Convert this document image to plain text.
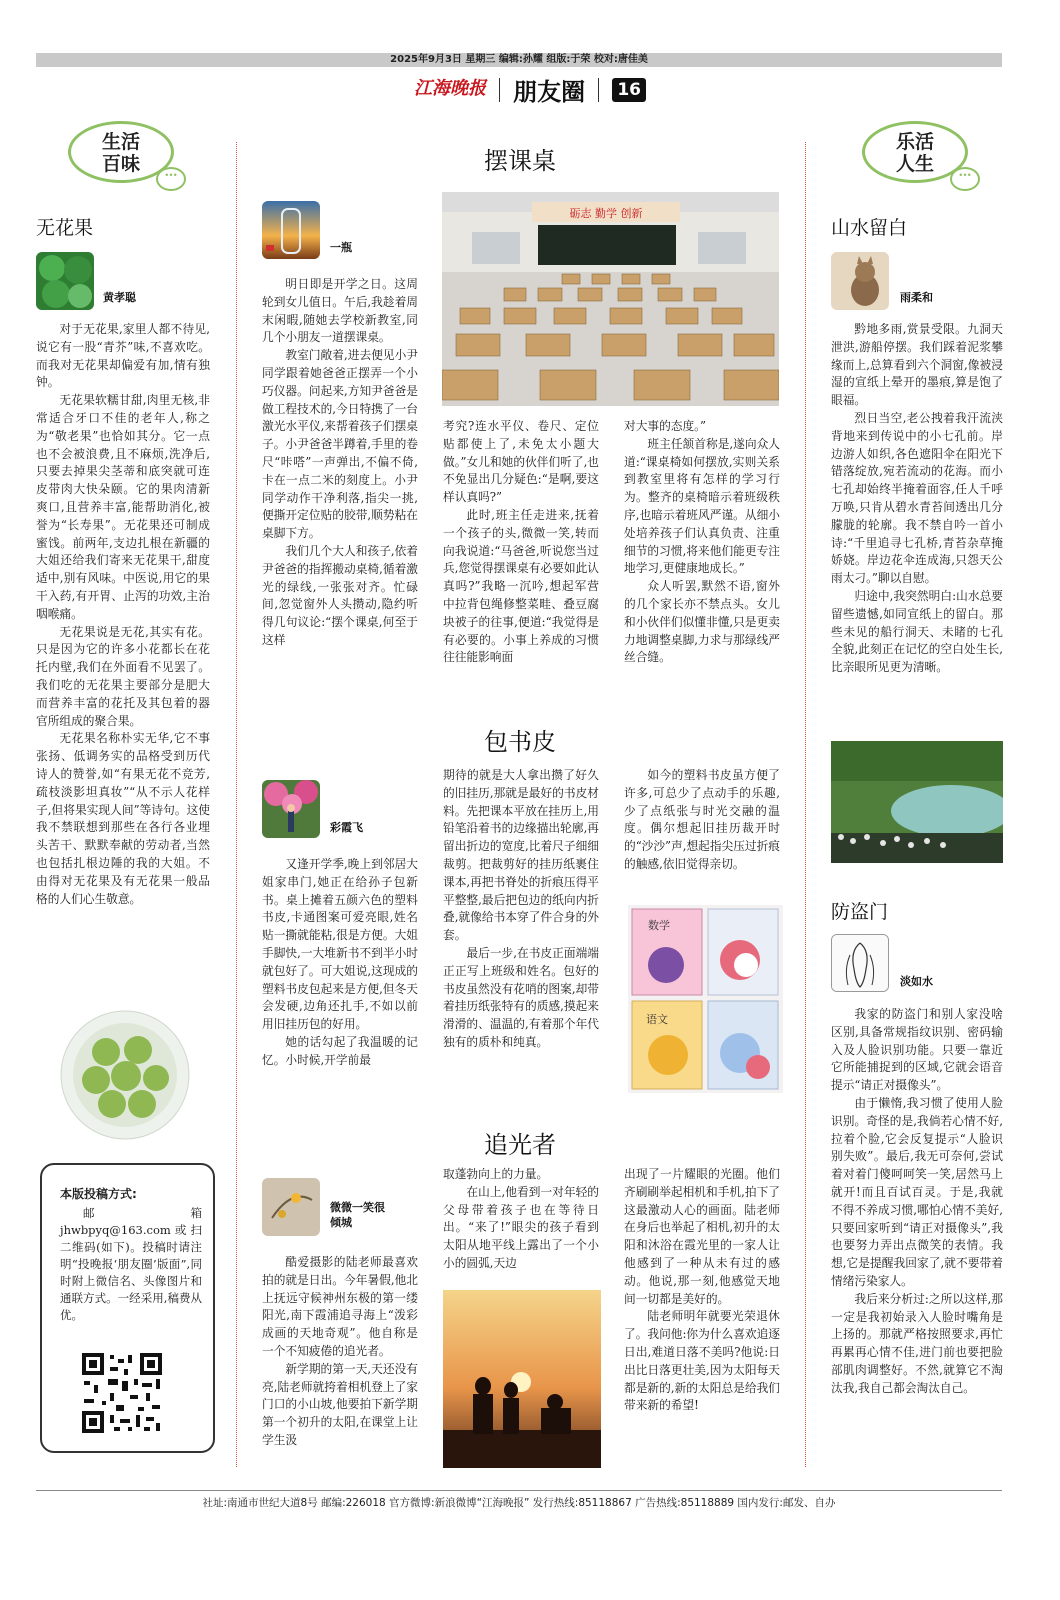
2025年9月3日 星期三 编辑:孙耀 组版:于荣 校对:唐佳美
江海晚报 朋友圈 16
生活
百味	…
无花果
黄孝聪

对于无花果,家里人都不待见,说它有一股“青芥”味,不喜欢吃。而我对无花果却偏爱有加,情有独钟。

无花果软糯甘甜,肉里无核,非常适合牙口不佳的老年人,称之为“敬老果”也恰如其分。它一点也不会被浪费,且不麻烦,洗净后,只要去掉果尖茎蒂和底突就可连皮带肉大快朵颐。它的果肉清新爽口,且营养丰富,能帮助消化,被誉为“长寿果”。无花果还可制成蜜饯。前两年,支边扎根在新疆的大姐还给我们寄来无花果干,甜度适中,别有风味。中医说,用它的果干入药,有开胃、止泻的功效,主治咽喉痛。

无花果说是无花,其实有花。只是因为它的许多小花都长在花托内壁,我们在外面看不见罢了。我们吃的无花果主要部分是肥大而营养丰富的花托及其包着的器官所组成的聚合果。

无花果名称朴实无华,它不事张扬、低调务实的品格受到历代诗人的赞誉,如“有果无花不竞芳,疏枝淡影坦真妆”“从不示人花样子,但将果实现人间”等诗句。这使我不禁联想到那些在各行各业埋头苦干、默默奉献的劳动者,当然也包括扎根边陲的我的大姐。不由得对无花果及有无花果一般品格的人们心生敬意。

本版投稿方式:

邮箱jhwbpyq@163.com或扫二维码(如下)。投稿时请注明“投晚报‘朋友圈’版面”,同时附上微信名、头像图片和通联方式。一经采用,稿费从优。

摆课桌
一瓶
砺志 勤学 创新

明日即是开学之日。这周轮到女儿值日。午后,我趁着周末闲暇,随她去学校新教室,同几个小朋友一道摆课桌。

教室门敞着,进去便见小尹同学跟着她爸爸正摆弄一个小巧仪器。问起来,方知尹爸爸是做工程技术的,今日特携了一台激光水平仪,来帮着孩子们摆桌子。小尹爸爸半蹲着,手里的卷尺“咔嗒”一声弹出,不偏不倚,卡在一点二米的刻度上。小尹同学动作干净利落,指尖一挑,便撕开定位贴的胶带,顺势粘在桌脚下方。

我们几个大人和孩子,依着尹爸爸的指挥搬动桌椅,循着激光的绿线,一张张对齐。忙碌间,忽觉窗外人头攒动,隐约听得几句议论:“摆个课桌,何至于这样

考究?连水平仪、卷尺、定位贴都使上了,未免太小题大做。”女儿和她的伙伴们听了,也不免显出几分疑色:“是啊,要这样认真吗?”

此时,班主任走进来,抚着一个孩子的头,微微一笑,转而向我说道:“马爸爸,听说您当过兵,您觉得摆课桌有必要如此认真吗?”我略一沉吟,想起军营中拉背包绳修整菜畦、叠豆腐块被子的往事,便道:“我觉得是有必要的。小事上养成的习惯往往能影响面

对大事的态度。”

班主任颔首称是,遂向众人道:“课桌椅如何摆放,实则关系到教室里将有怎样的学习行为。整齐的桌椅暗示着班级秩序,也暗示着班风严谨。从细小处培养孩子们认真负责、注重细节的习惯,将来他们能更专注地学习,更健康地成长。”

众人听罢,默然不语,窗外的几个家长亦不禁点头。女儿和小伙伴们似懂非懂,只是更卖力地调整桌脚,力求与那绿线严丝合缝。

包书皮
彩霞飞

又逢开学季,晚上到邻居大姐家串门,她正在给孙子包新书。桌上摊着五颜六色的塑料书皮,卡通图案可爱亮眼,姓名贴一撕就能粘,很是方便。大姐手脚快,一大堆新书不到半小时就包好了。可大姐说,这现成的塑料书皮包起来是方便,但冬天会发硬,边角还扎手,不如以前用旧挂历包的好用。

她的话勾起了我温暖的记忆。小时候,开学前最

期待的就是大人拿出攒了好久的旧挂历,那就是最好的书皮材料。先把课本平放在挂历上,用铅笔沿着书的边缘描出轮廓,再留出折边的宽度,比着尺子细细裁剪。把裁剪好的挂历纸裹住课本,再把书脊处的折痕压得平平整整,最后把包边的纸向内折叠,就像给书本穿了件合身的外套。

最后一步,在书皮正面端端正正写上班级和姓名。包好的书皮虽然没有花哨的图案,却带着挂历纸张特有的质感,摸起来滑滑的、温温的,有着那个年代独有的质朴和纯真。

如今的塑料书皮虽方便了许多,可总少了点动手的乐趣,少了点纸张与时光交融的温度。偶尔想起旧挂历裁开时的“沙沙”声,想起指尖压过折痕的触感,依旧觉得亲切。

数学
语文
追光者
微微一笑很倾城

酷爱摄影的陆老师最喜欢拍的就是日出。今年暑假,他北上抚远守候神州东极的第一缕阳光,南下霞浦追寻海上“泼彩成画的天地奇观”。他自称是一个不知疲倦的追光者。

新学期的第一天,天还没有亮,陆老师就挎着相机登上了家门口的小山坡,他要拍下新学期第一个初升的太阳,在课堂上让学生汲

取蓬勃向上的力量。

在山上,他看到一对年轻的父母带着孩子也在等待日出。“来了!”眼尖的孩子看到太阳从地平线上露出了一个小小的圆弧,天边

出现了一片耀眼的光圈。他们齐刷刷举起相机和手机,拍下了这最激动人心的画面。陆老师在身后也举起了相机,初升的太阳和沐浴在霞光里的一家人让他感到了一种从未有过的感动。他说,那一刻,他感觉天地间一切都是美好的。

陆老师明年就要光荣退休了。我问他:你为什么喜欢追逐日出,难道日落不美吗?他说:日出比日落更壮美,因为太阳每天都是新的,新的太阳总是给我们带来新的希望!

乐活
人生	…
山水留白
雨柔和

黔地多雨,赏景受限。九洞天泄洪,游船停摆。我们踩着泥浆攀缘而上,总算看到六个洞窗,像被浸湿的宣纸上晕开的墨痕,算是饱了眼福。

烈日当空,老公拽着我汗流浃背地来到传说中的小七孔前。岸边游人如织,各色遮阳伞在阳光下错落绽放,宛若流动的花海。而小七孔却始终半掩着面容,任人千呼万唤,只肯从碧水青苔间透出几分朦胧的轮廓。我不禁自吟一首小诗:“千里追寻七孔桥,青苔杂草掩娇娆。岸边花伞连成海,只怨天公雨太刁。”聊以自慰。

归途中,我突然明白:山水总要留些遗憾,如同宣纸上的留白。那些未见的船行洞天、未睹的七孔全貌,此刻正在记忆的空白处生长,比亲眼所见更为清晰。

防盗门
淡如水

我家的防盗门和别人家没啥区别,具备常规指纹识别、密码输入及人脸识别功能。只要一靠近它所能捕捉到的区域,它就会语音提示“请正对摄像头”。

由于懒惰,我习惯了使用人脸识别。奇怪的是,我倘若心情不好,拉着个脸,它会反复提示“人脸识别失败”。最后,我无可奈何,尝试着对着门傻呵呵笑一笑,居然马上就开!而且百试百灵。于是,我就不得不养成习惯,哪怕心情不美好,只要回家听到“请正对摄像头”,我也要努力弄出点微笑的表情。我想,它是提醒我回家了,就不要带着情绪污染家人。

我后来分析过:之所以这样,那一定是我初始录入人脸时嘴角是上扬的。那就严格按照要求,再忙再累再心情不佳,进门前也要把脸部肌肉调整好。不然,就算它不淘汰我,我自己都会淘汰自己。

社址:南通市世纪大道8号 邮编:226018 官方微博:新浪微博“江海晚报” 发行热线:85118867 广告热线:85118889 国内发行:邮发、自办
